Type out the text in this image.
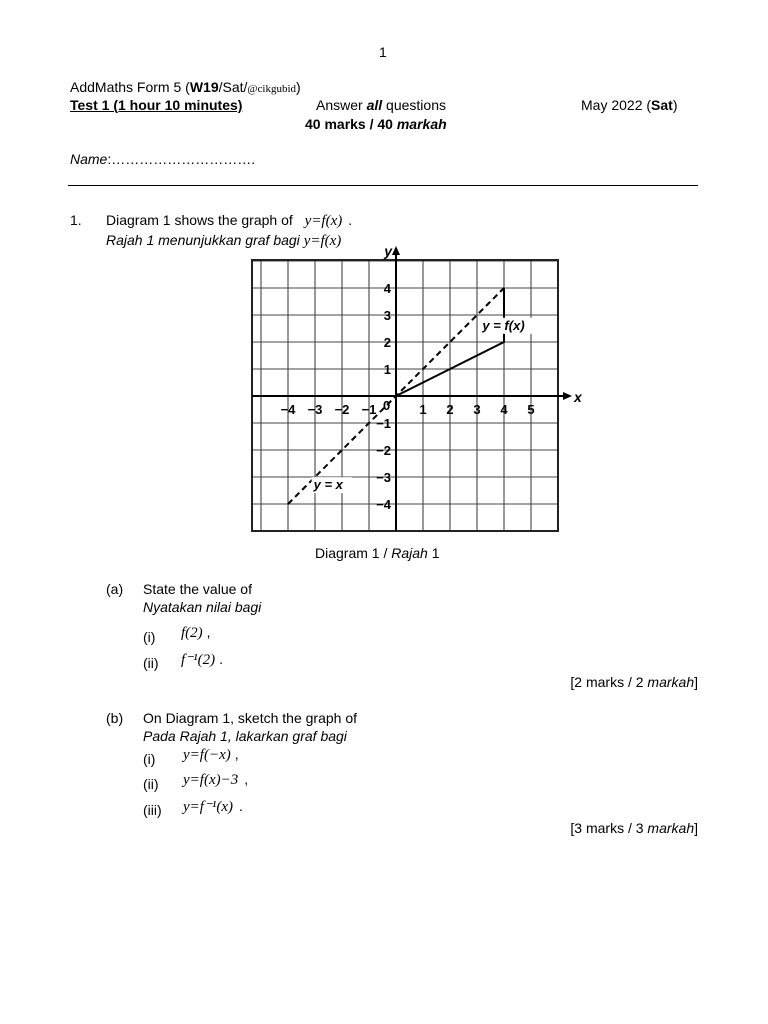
1
AddMaths Form 5 (W19/Sat/@cikgubid)
Test 1 (1 hour 10 minutes)	Answer all questions	May 2022 (Sat)
40 marks / 40 markah
Name:………………………….
1. Diagram 1 shows the graph of y=f(x) .
Rajah 1 menunjukkan graf bagi y=f(x)
x
y
0
−4 −3 −2 −1	1 2 3 4 5
4
3
2
1
−1
−2
−3
−4
y = f(x)
y = x
Diagram 1 / Rajah 1
(a) State the value of
Nyatakan nilai bagi
(i) f(2) ,
(ii) f⁻¹(2) .
[2 marks / 2 markah]
(b) On Diagram 1, sketch the graph of
Pada Rajah 1, lakarkan graf bagi
(i) y=f(−x) ,
(ii) y=f(x)−3 ,
(iii) y=f⁻¹(x) .
[3 marks / 3 markah]
